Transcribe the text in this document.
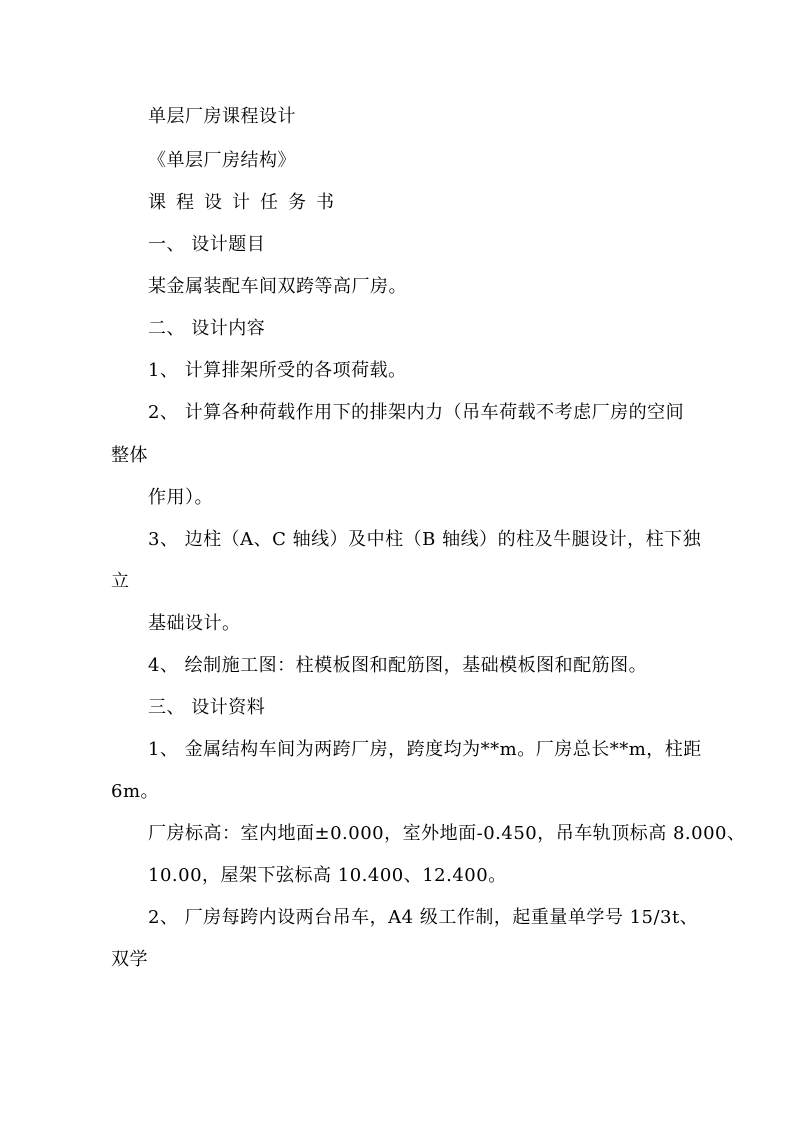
单层厂房课程设计
《单层厂房结构》
课程设计任务书
一、 设计题目
某金属装配车间双跨等高厂房。
二、 设计内容
1、 计算排架所受的各项荷载。
2、 计算各种荷载作用下的排架内力（吊车荷载不考虑厂房的空间
整体
作用）。
3、 边柱（A、C 轴线）及中柱（B 轴线）的柱及牛腿设计，柱下独
立
基础设计。
4、 绘制施工图：柱模板图和配筋图，基础模板图和配筋图。
三、 设计资料
1、 金属结构车间为两跨厂房，跨度均为**m。厂房总长**m，柱距
6m。
厂房标高：室内地面±0.000，室外地面-0.450，吊车轨顶标高 8.000、
10.00，屋架下弦标高 10.400、12.400。
2、 厂房每跨内设两台吊车，A4 级工作制，起重量单学号 15/3t、
双学
